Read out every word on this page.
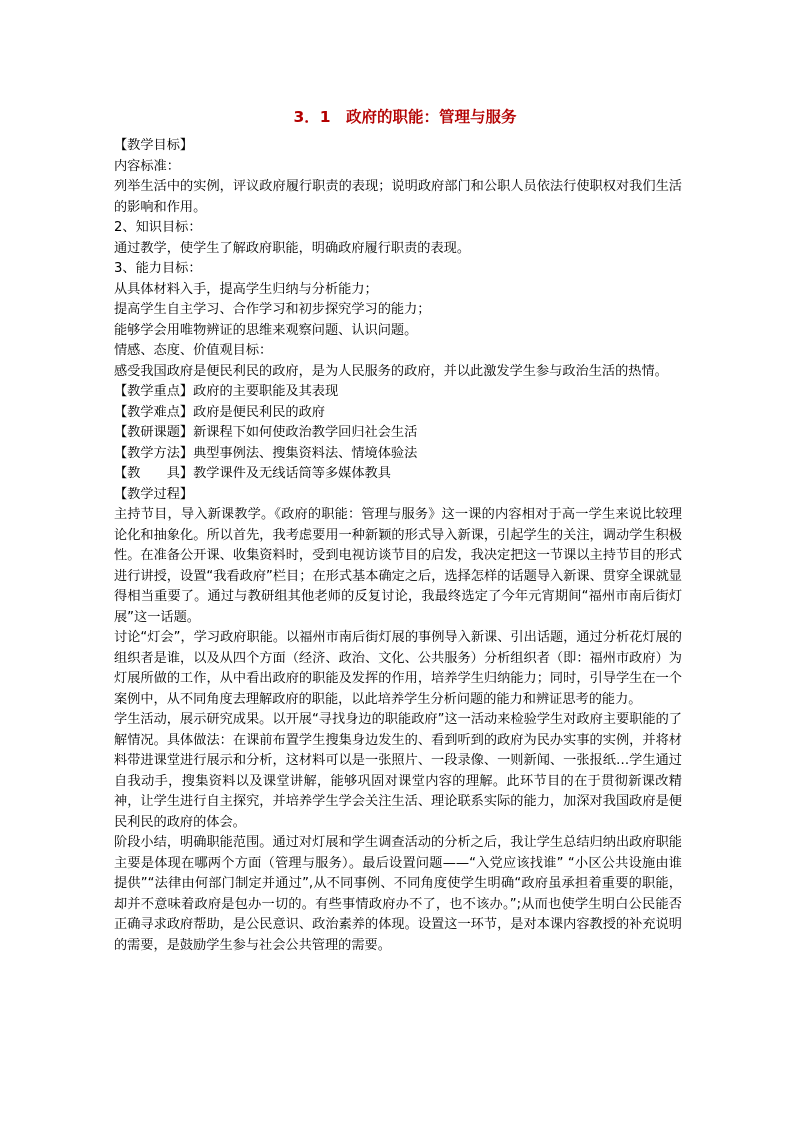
3．1　政府的职能：管理与服务

【教学目标】

内容标准：

列举生活中的实例，评议政府履行职责的表现；说明政府部门和公职人员依法行使职权对我们生活的影响和作用。

2、知识目标：

通过教学，使学生了解政府职能，明确政府履行职责的表现。

3、能力目标：

从具体材料入手，提高学生归纳与分析能力；

提高学生自主学习、合作学习和初步探究学习的能力；

能够学会用唯物辨证的思维来观察问题、认识问题。

情感、态度、价值观目标：

感受我国政府是便民利民的政府，是为人民服务的政府，并以此激发学生参与政治生活的热情。

【教学重点】政府的主要职能及其表现

【教学难点】政府是便民利民的政府

【教研课题】新课程下如何使政治教学回归社会生活

【教学方法】典型事例法、搜集资料法、情境体验法

【教　　具】教学课件及无线话筒等多媒体教具

【教学过程】

主持节目，导入新课教学。《政府的职能：管理与服务》这一课的内容相对于高一学生来说比较理论化和抽象化。所以首先，我考虑要用一种新颖的形式导入新课，引起学生的关注，调动学生积极性。在准备公开课、收集资料时，受到电视访谈节目的启发，我决定把这一节课以主持节目的形式进行讲授，设置“我看政府”栏目；在形式基本确定之后，选择怎样的话题导入新课、贯穿全课就显得相当重要了。通过与教研组其他老师的反复讨论，我最终选定了今年元宵期间“福州市南后街灯展”这一话题。

讨论“灯会”，学习政府职能。以福州市南后街灯展的事例导入新课、引出话题，通过分析花灯展的组织者是谁，以及从四个方面（经济、政治、文化、公共服务）分析组织者（即：福州市政府）为灯展所做的工作，从中看出政府的职能及发挥的作用，培养学生归纳能力；同时，引导学生在一个案例中，从不同角度去理解政府的职能，以此培养学生分析问题的能力和辨证思考的能力。

学生活动，展示研究成果。以开展“寻找身边的职能政府”这一活动来检验学生对政府主要职能的了解情况。具体做法：在课前布置学生搜集身边发生的、看到听到的政府为民办实事的实例，并将材料带进课堂进行展示和分析，这材料可以是一张照片、一段录像、一则新闻、一张报纸…学生通过自我动手，搜集资料以及课堂讲解，能够巩固对课堂内容的理解。此环节目的在于贯彻新课改精神，让学生进行自主探究，并培养学生学会关注生活、理论联系实际的能力，加深对我国政府是便民利民的政府的体会。

阶段小结，明确职能范围。通过对灯展和学生调查活动的分析之后，我让学生总结归纳出政府职能主要是体现在哪两个方面（管理与服务）。最后设置问题——“入党应该找谁” “小区公共设施由谁提供”“法律由何部门制定并通过”,从不同事例、不同角度使学生明确“政府虽承担着重要的职能，却并不意味着政府是包办一切的。有些事情政府办不了，也不该办。”;从而也使学生明白公民能否正确寻求政府帮助，是公民意识、政治素养的体现。设置这一环节，是对本课内容教授的补充说明的需要，是鼓励学生参与社会公共管理的需要。
